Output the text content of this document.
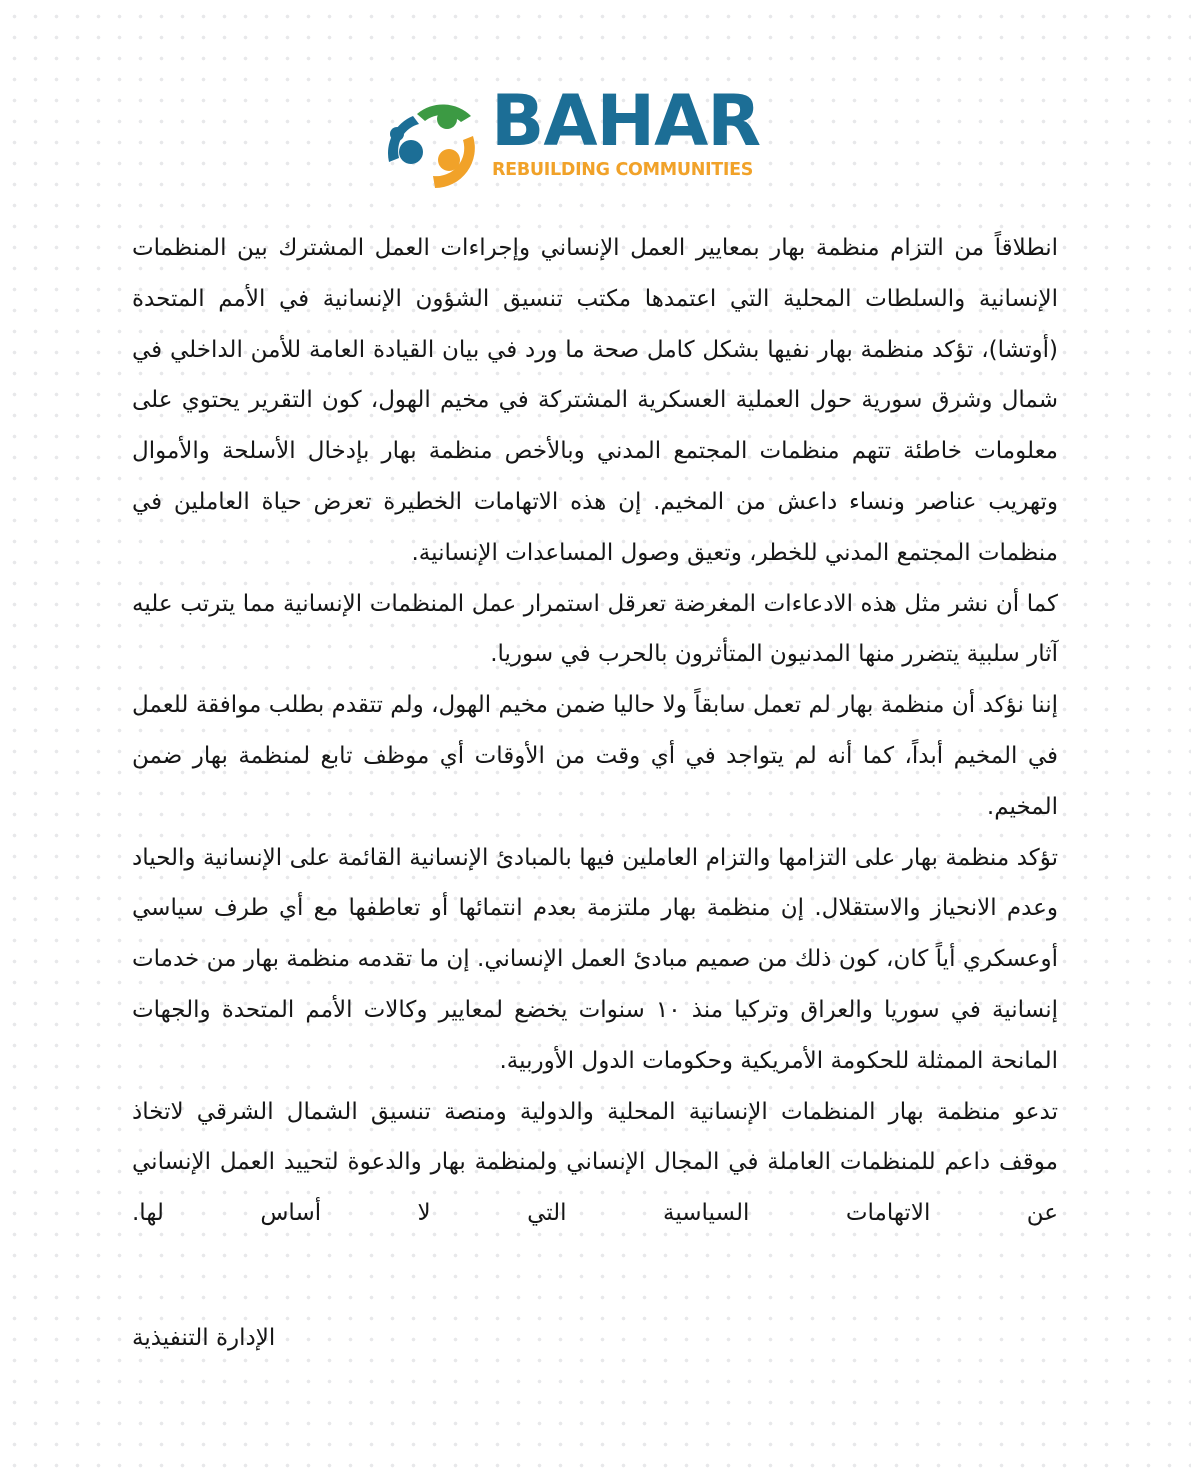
BAHAR
REBUILDING COMMUNITIES

انطلاقاً من التزام منظمة بهار بمعايير العمل الإنساني وإجراءات العمل المشترك بين المنظمات الإنسانية والسلطات المحلية التي اعتمدها مكتب تنسيق الشؤون الإنسانية في الأمم المتحدة (أوتشا)، تؤكد منظمة بهار نفيها بشكل كامل صحة ما ورد في بيان القيادة العامة للأمن الداخلي في شمال وشرق سورية حول العملية العسكرية المشتركة في مخيم الهول، كون التقرير يحتوي على معلومات خاطئة تتهم منظمات المجتمع المدني وبالأخص منظمة بهار بإدخال الأسلحة والأموال وتهريب عناصر ونساء داعش من المخيم. إن هذه الاتهامات الخطيرة تعرض حياة العاملين في منظمات المجتمع المدني للخطر، وتعيق وصول المساعدات الإنسانية.

كما أن نشر مثل هذه الادعاءات المغرضة تعرقل استمرار عمل المنظمات الإنسانية مما يترتب عليه آثار سلبية يتضرر منها المدنيون المتأثرون بالحرب في سوريا.

إننا نؤكد أن منظمة بهار لم تعمل سابقاً ولا حاليا ضمن مخيم الهول، ولم تتقدم بطلب موافقة للعمل في المخيم أبداً، كما أنه لم يتواجد في أي وقت من الأوقات أي موظف تابع لمنظمة بهار ضمن المخيم.

تؤكد منظمة بهار على التزامها والتزام العاملين فيها بالمبادئ الإنسانية القائمة على الإنسانية والحياد وعدم الانحياز والاستقلال. إن منظمة بهار ملتزمة بعدم انتمائها أو تعاطفها مع أي طرف سياسي أوعسكري أياً كان، كون ذلك من صميم مبادئ العمل الإنساني. إن ما تقدمه منظمة بهار من خدمات إنسانية في سوريا والعراق وتركيا منذ ١٠ سنوات يخضع لمعايير وكالات الأمم المتحدة والجهات المانحة الممثلة للحكومة الأمريكية وحكومات الدول الأوربية.

تدعو منظمة بهار المنظمات الإنسانية المحلية والدولية ومنصة تنسيق الشمال الشرقي لاتخاذ موقف داعم للمنظمات العاملة في المجال الإنساني ولمنظمة بهار والدعوة لتحييد العمل الإنساني عن الاتهامات السياسية التي لا أساس لها.

الإدارة التنفيذية
